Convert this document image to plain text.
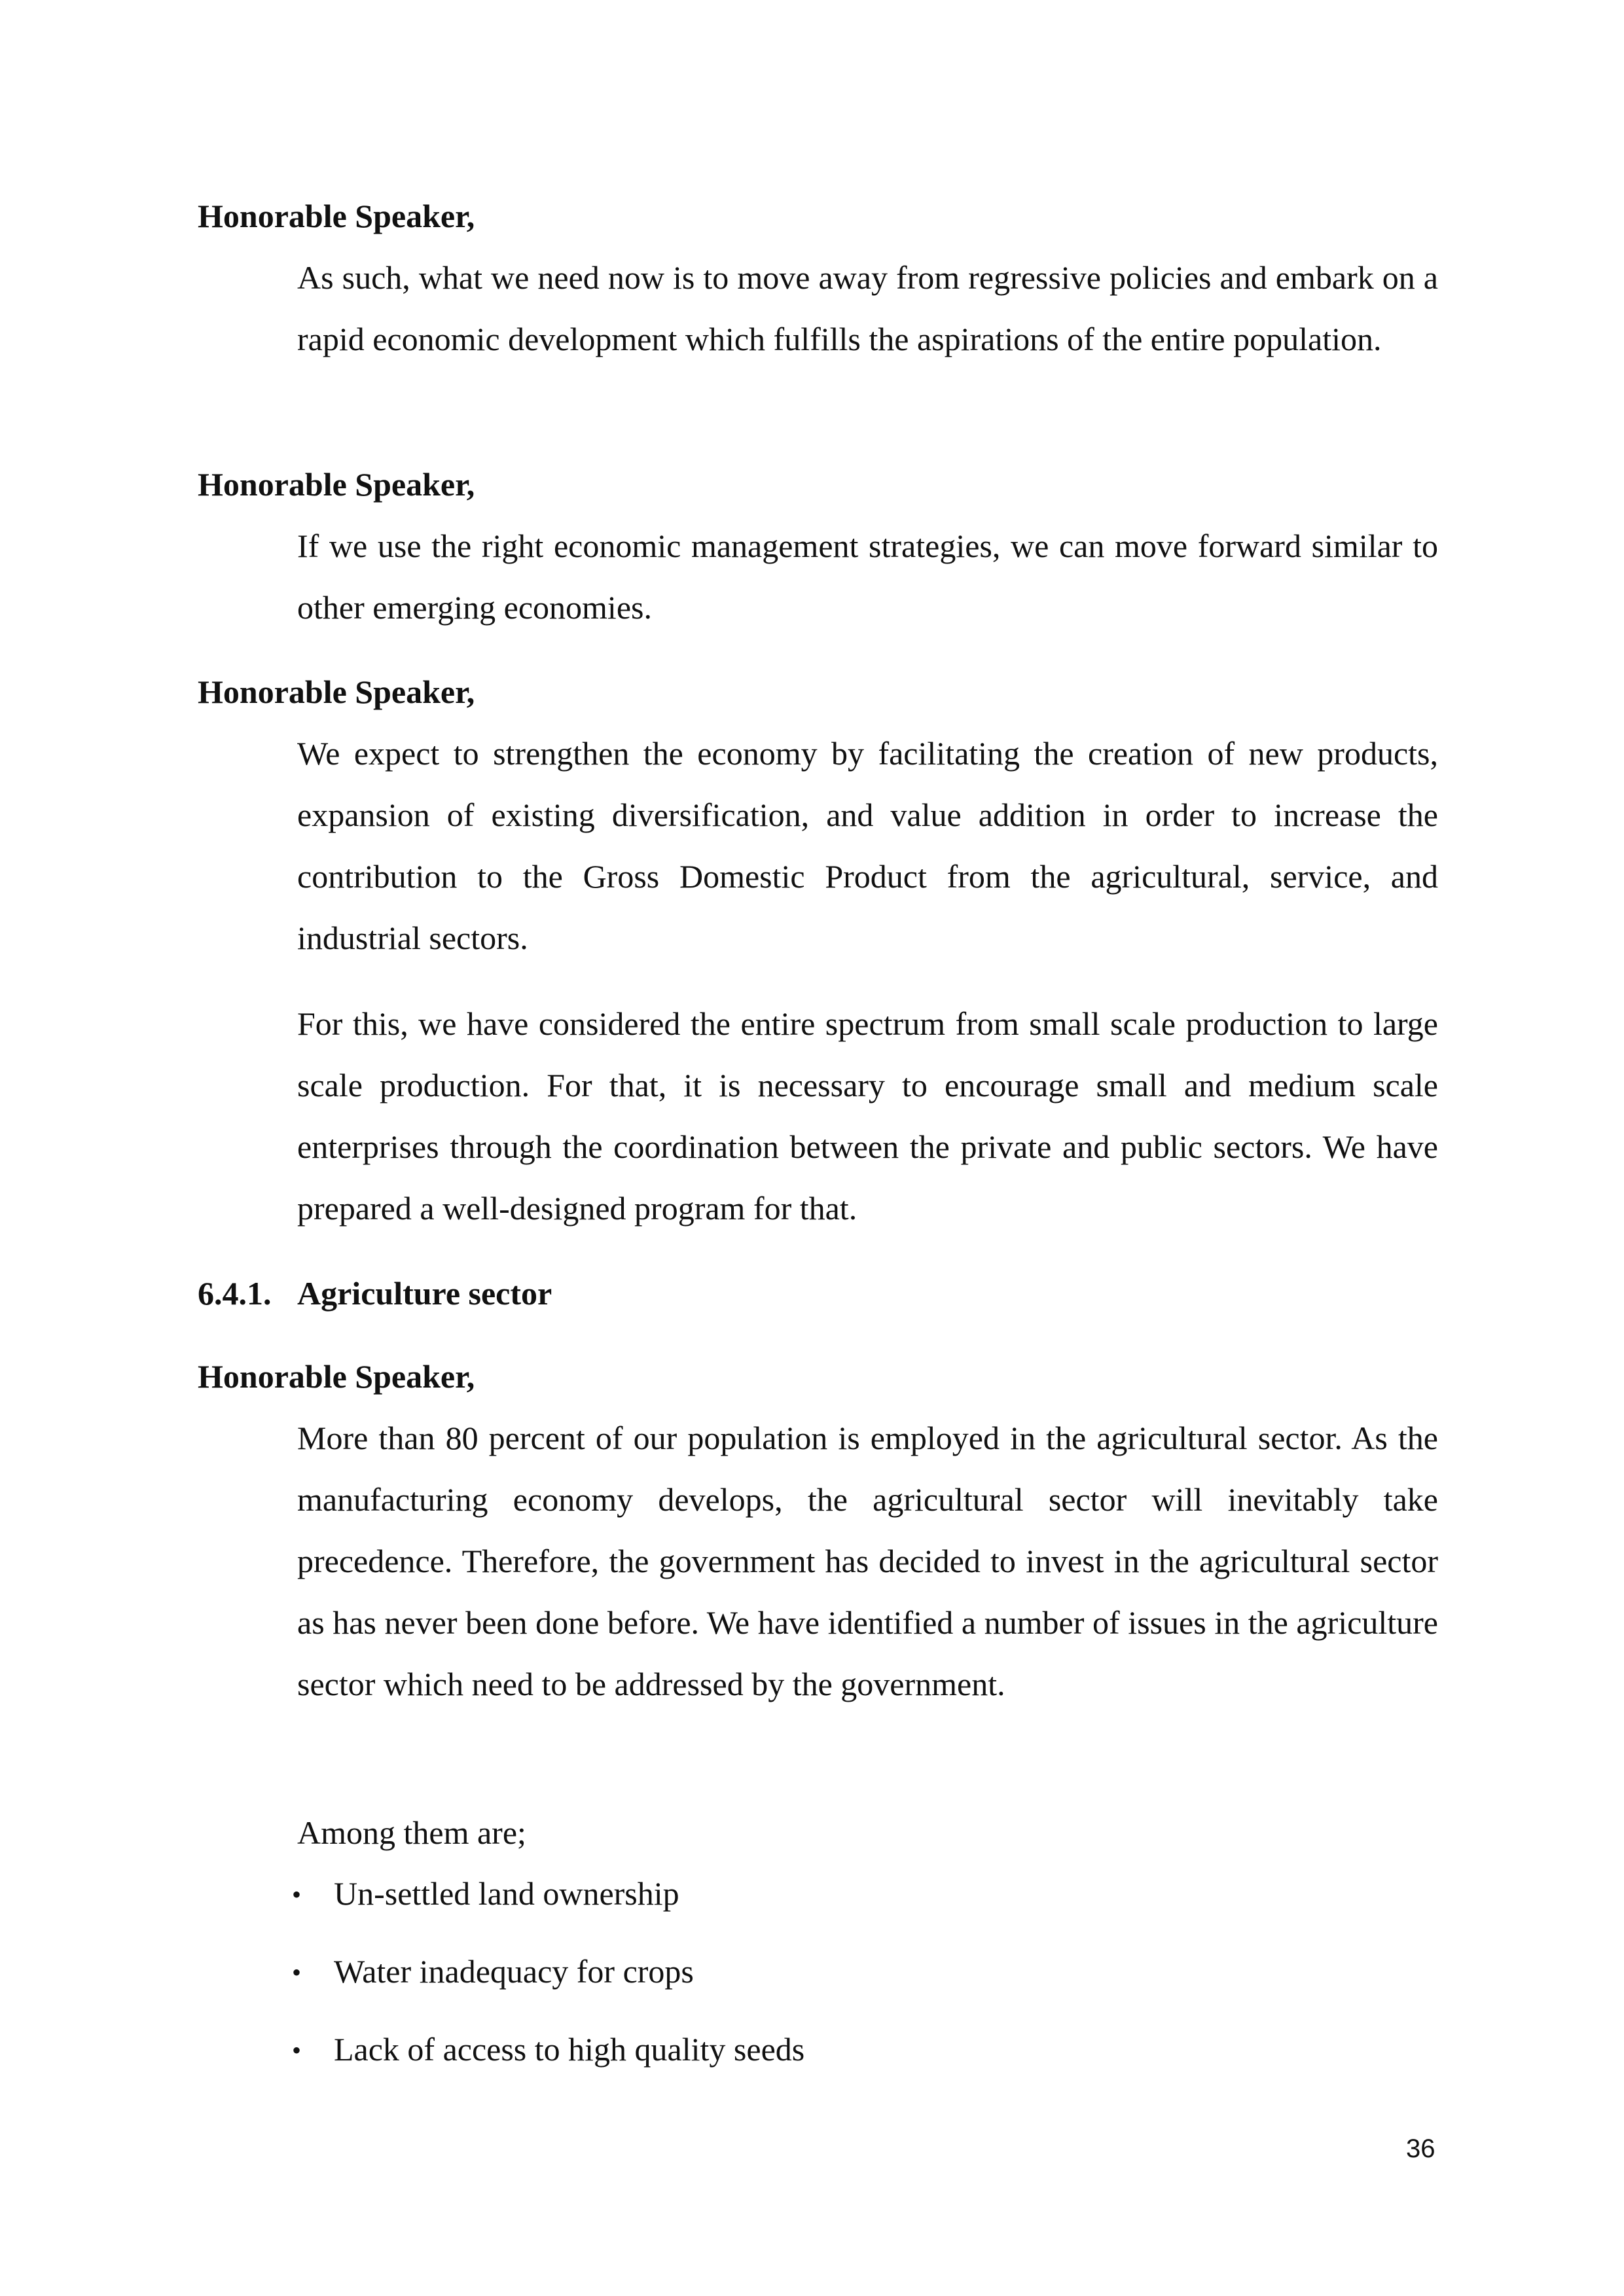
Honorable Speaker,

As such, what we need now is to move away from regressive policies and embark on a rapid economic development which fulfills the aspirations of the entire population.

Honorable Speaker,

If we use the right economic management strategies, we can move forward similar to other emerging economies.

Honorable Speaker,

We expect to strengthen the economy by facilitating the creation of new products, expansion of existing diversification, and value addition in order to increase the contribution to the Gross Domestic Product from the agricultural, service, and industrial sectors.

For this, we have considered the entire spectrum from small scale production to large scale production. For that, it is necessary to encourage small and medium scale enterprises through the coordination between the private and public sectors. We have prepared a well-designed program for that.

6.4.1. Agriculture sector
Honorable Speaker,

More than 80 percent of our population is employed in the agricultural sector. As the manufacturing economy develops, the agricultural sector will inevitably take precedence. Therefore, the government has decided to invest in the agricultural sector as has never been done before. We have identified a number of issues in the agriculture sector which need to be addressed by the government.

Among them are;
• Un-settled land ownership
• Water inadequacy for crops
• Lack of access to high quality seeds
36
